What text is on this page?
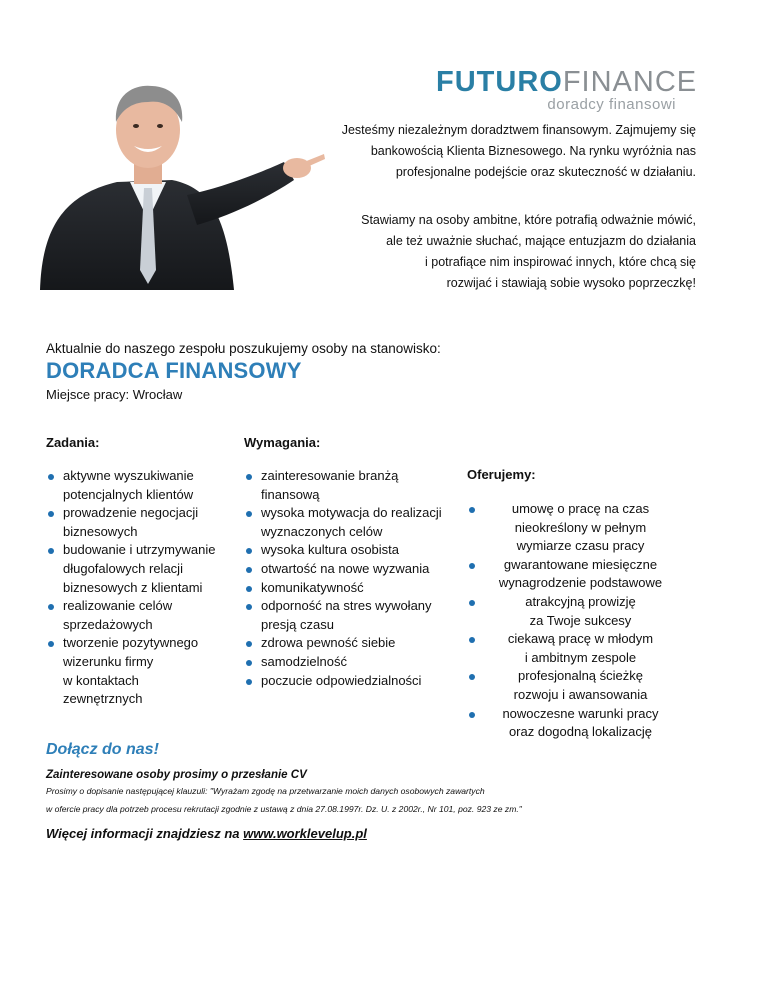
FUTUROFINANCE
doradcy finansowi
Jesteśmy niezależnym doradztwem finansowym. Zajmujemy się
bankowością Klienta Biznesowego. Na rynku wyróżnia nas
profesjonalne podejście oraz skuteczność w działaniu.
Stawiamy na osoby ambitne, które potrafią odważnie mówić,
ale też uważnie słuchać, mające entuzjazm do działania
i potrafiące nim inspirować innych, które chcą się
rozwijać i stawiają sobie wysoko poprzeczkę!
Aktualnie do naszego zespołu poszukujemy osoby na stanowisko:
DORADCA FINANSOWY
Miejsce pracy: Wrocław
Zadania:	Wymagania:
Oferujemy:
aktywne wyszukiwanie
potencjalnych klientów
prowadzenie negocjacji
biznesowych
budowanie i utrzymywanie
długofalowych relacji
biznesowych z klientami
realizowanie celów
sprzedażowych
tworzenie pozytywnego
wizerunku firmy
w kontaktach
zewnętrznych
zainteresowanie branżą
finansową
wysoka motywacja do realizacji
wyznaczonych celów
wysoka kultura osobista
otwartość na nowe wyzwania
komunikatywność
odporność na stres wywołany
presją czasu
zdrowa pewność siebie
samodzielność
poczucie odpowiedzialności
umowę o pracę na czas
nieokreślony w pełnym
wymiarze czasu pracy
gwarantowane miesięczne
wynagrodzenie podstawowe
atrakcyjną prowizję
za Twoje sukcesy
ciekawą pracę w młodym
i ambitnym zespole
profesjonalną ścieżkę
rozwoju i awansowania
nowoczesne warunki pracy
oraz dogodną lokalizację
Dołącz do nas!
Zainteresowane osoby prosimy o przesłanie CV
Prosimy o dopisanie następującej klauzuli: "Wyrażam zgodę na przetwarzanie moich danych osobowych zawartych
w ofercie pracy dla potrzeb procesu rekrutacji zgodnie z ustawą z dnia 27.08.1997r. Dz. U. z 2002r., Nr 101, poz. 923 ze zm."
Więcej informacji znajdziesz na www.worklevelup.pl
